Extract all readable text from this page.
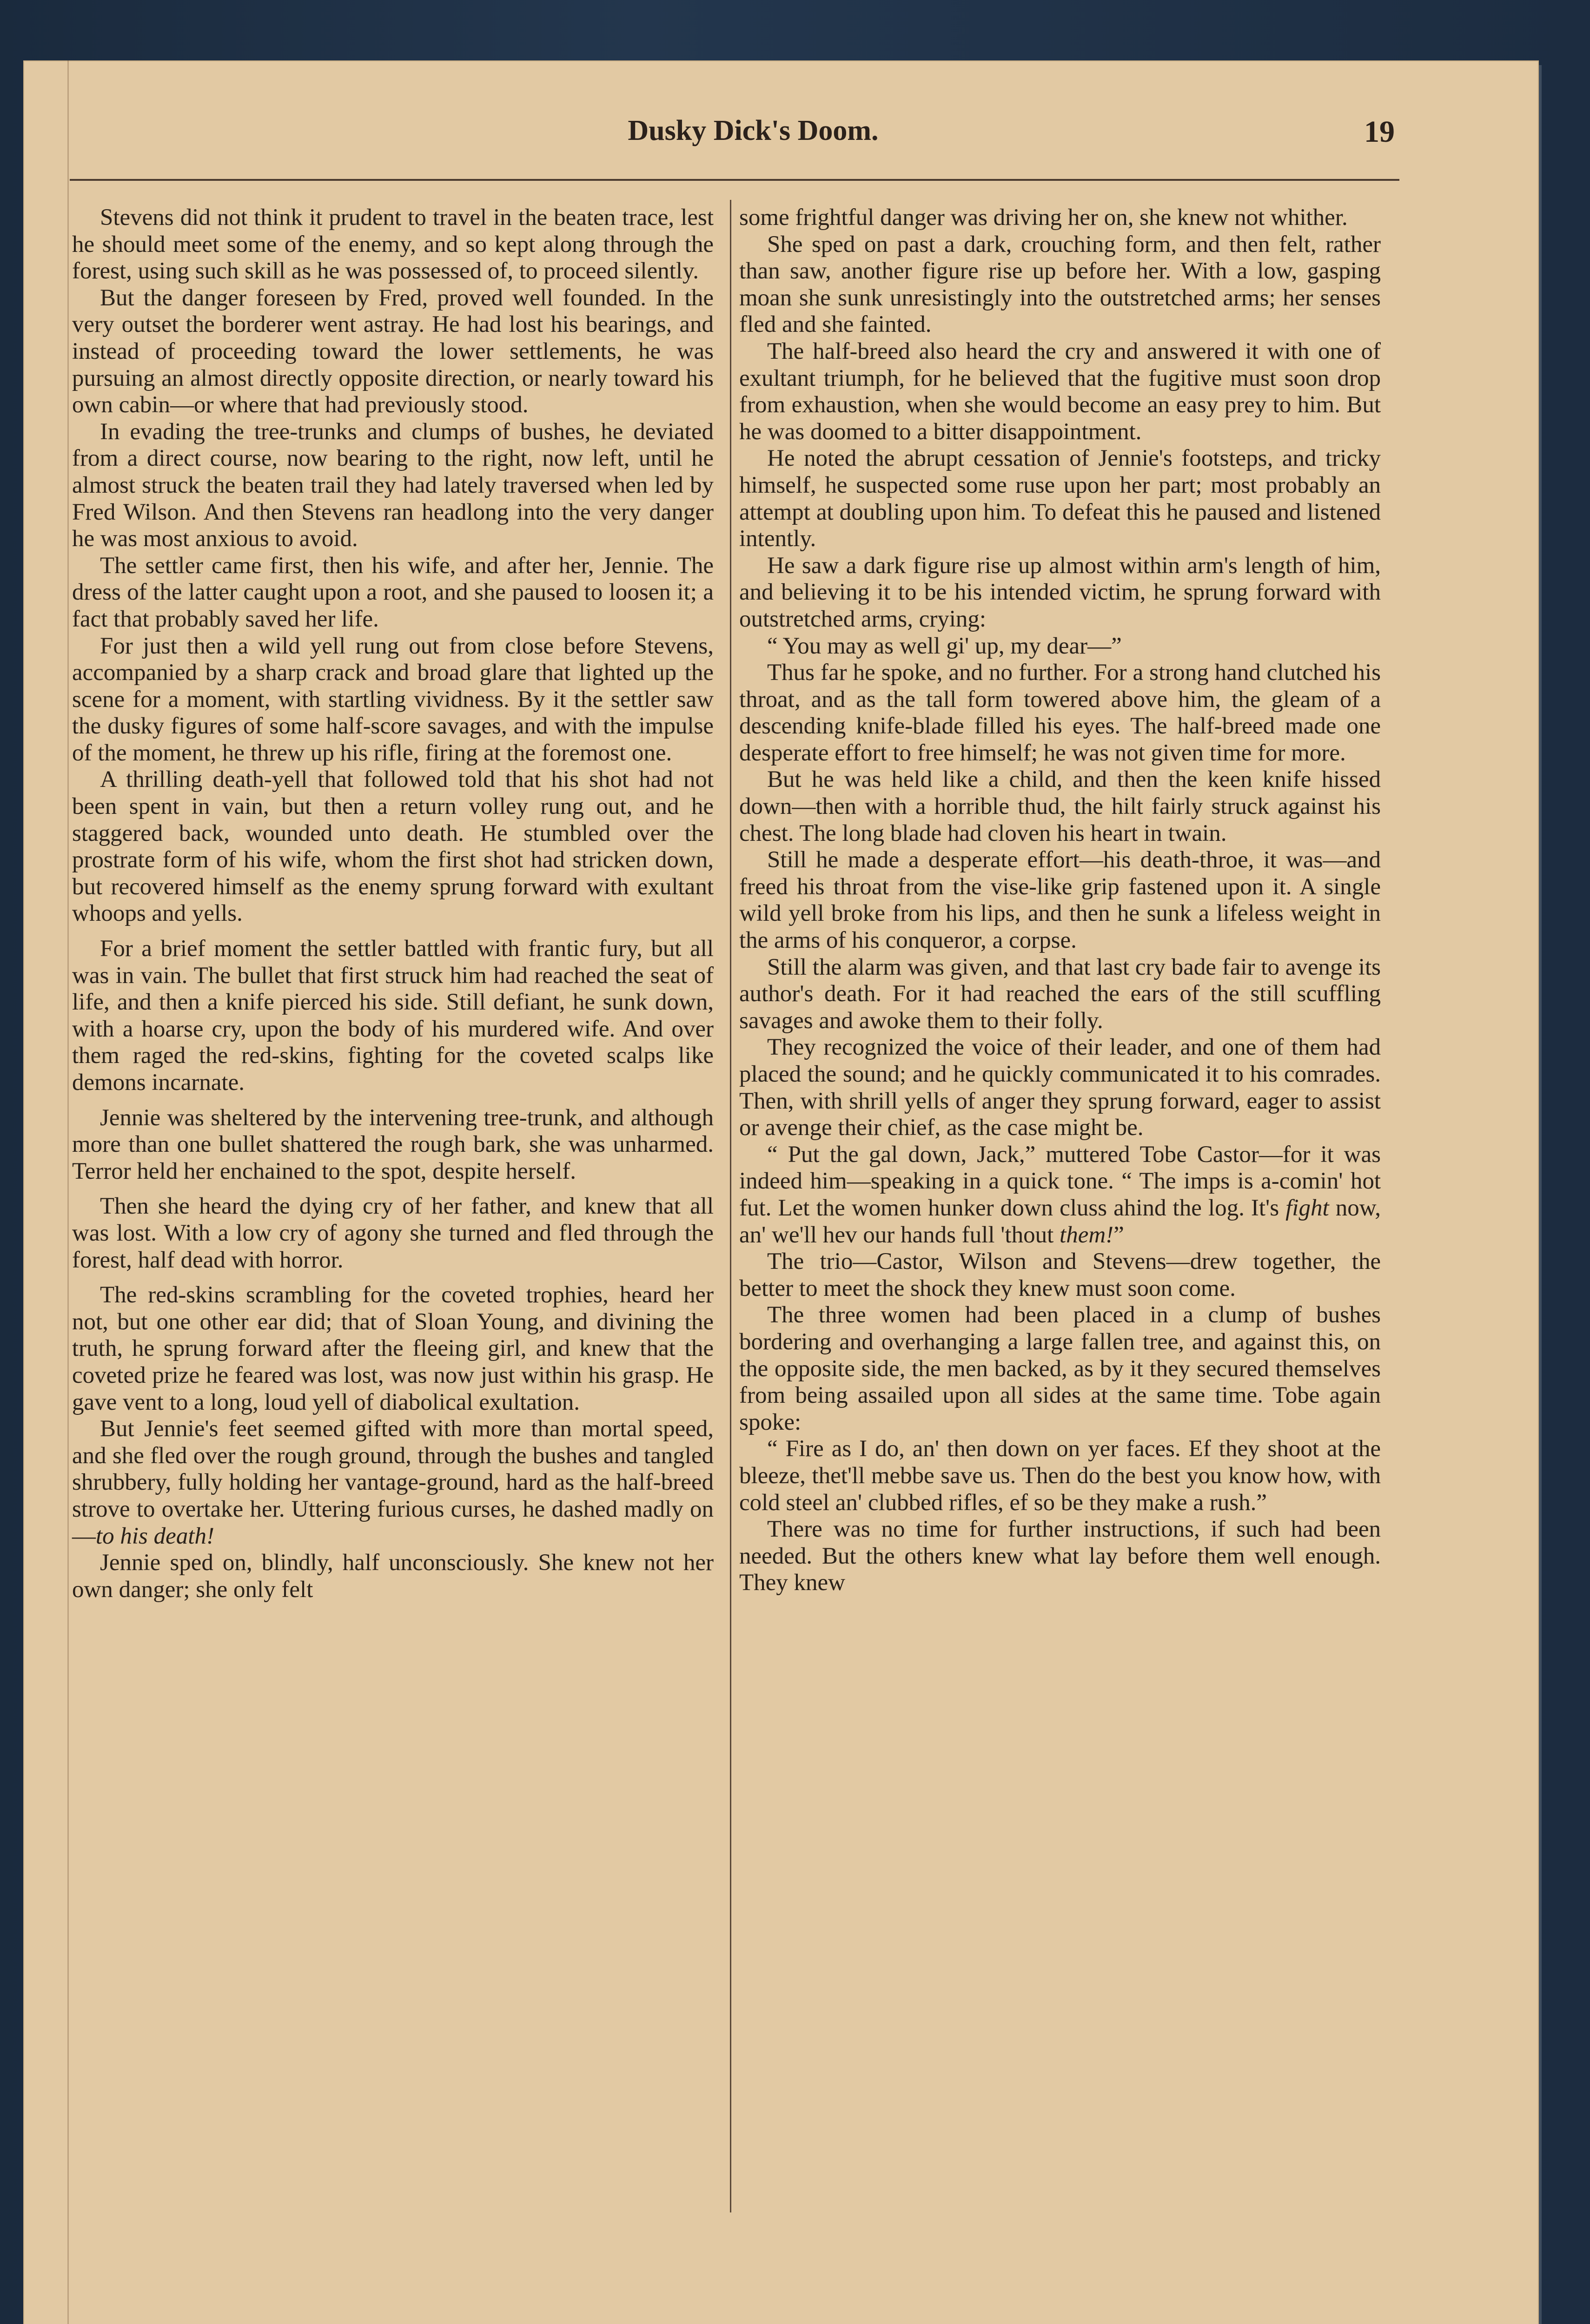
Dusky Dick's Doom.	19

Stevens did not think it prudent to travel in the beaten trace, lest he should meet some of the enemy, and so kept along through the forest, using such skill as he was possessed of, to proceed silently.

But the danger foreseen by Fred, proved well founded. In the very outset the borderer went astray. He had lost his bearings, and instead of proceeding toward the lower settlements, he was pursuing an almost directly opposite direction, or nearly toward his own cabin—or where that had previously stood.

In evading the tree-trunks and clumps of bushes, he deviated from a direct course, now bearing to the right, now left, until he almost struck the beaten trail they had lately traversed when led by Fred Wilson. And then Stevens ran headlong into the very danger he was most anxious to avoid.

The settler came first, then his wife, and after her, Jennie. The dress of the latter caught upon a root, and she paused to loosen it; a fact that probably saved her life.

For just then a wild yell rung out from close before Stevens, accompanied by a sharp crack and broad glare that lighted up the scene for a moment, with startling vividness. By it the settler saw the dusky figures of some half-score savages, and with the impulse of the moment, he threw up his rifle, firing at the foremost one.

A thrilling death-yell that followed told that his shot had not been spent in vain, but then a return volley rung out, and he staggered back, wounded unto death. He stumbled over the prostrate form of his wife, whom the first shot had stricken down, but recovered himself as the enemy sprung forward with exultant whoops and yells.

For a brief moment the settler battled with frantic fury, but all was in vain. The bullet that first struck him had reached the seat of life, and then a knife pierced his side. Still defiant, he sunk down, with a hoarse cry, upon the body of his murdered wife. And over them raged the red-skins, fighting for the coveted scalps like demons incarnate.

Jennie was sheltered by the intervening tree-trunk, and although more than one bullet shattered the rough bark, she was unharmed. Terror held her enchained to the spot, despite herself.

Then she heard the dying cry of her father, and knew that all was lost. With a low cry of agony she turned and fled through the forest, half dead with horror.

The red-skins scrambling for the coveted trophies, heard her not, but one other ear did; that of Sloan Young, and divining the truth, he sprung forward after the fleeing girl, and knew that the coveted prize he feared was lost, was now just within his grasp. He gave vent to a long, loud yell of diabolical exultation.

But Jennie's feet seemed gifted with more than mortal speed, and she fled over the rough ground, through the bushes and tangled shrubbery, fully holding her vantage-ground, hard as the half-breed strove to overtake her. Uttering furious curses, he dashed madly on—to his death!

Jennie sped on, blindly, half unconsciously. She knew not her own danger; she only felt

some frightful danger was driving her on, she knew not whither.

She sped on past a dark, crouching form, and then felt, rather than saw, another figure rise up before her. With a low, gasping moan she sunk unresistingly into the outstretched arms; her senses fled and she fainted.

The half-breed also heard the cry and answered it with one of exultant triumph, for he believed that the fugitive must soon drop from exhaustion, when she would become an easy prey to him. But he was doomed to a bitter disappointment.

He noted the abrupt cessation of Jennie's footsteps, and tricky himself, he suspected some ruse upon her part; most probably an attempt at doubling upon him. To defeat this he paused and listened intently.

He saw a dark figure rise up almost within arm's length of him, and believing it to be his intended victim, he sprung forward with outstretched arms, crying:

“ You may as well gi' up, my dear—”

Thus far he spoke, and no further. For a strong hand clutched his throat, and as the tall form towered above him, the gleam of a descending knife-blade filled his eyes. The half-breed made one desperate effort to free himself; he was not given time for more.

But he was held like a child, and then the keen knife hissed down—then with a horrible thud, the hilt fairly struck against his chest. The long blade had cloven his heart in twain.

Still he made a desperate effort—his death-throe, it was—and freed his throat from the vise-like grip fastened upon it. A single wild yell broke from his lips, and then he sunk a lifeless weight in the arms of his conqueror, a corpse.

Still the alarm was given, and that last cry bade fair to avenge its author's death. For it had reached the ears of the still scuffling savages and awoke them to their folly.

They recognized the voice of their leader, and one of them had placed the sound; and he quickly communicated it to his comrades. Then, with shrill yells of anger they sprung forward, eager to assist or avenge their chief, as the case might be.

“ Put the gal down, Jack,” muttered Tobe Castor—for it was indeed him—speaking in a quick tone. “ The imps is a-comin' hot fut. Let the women hunker down cluss ahind the log. It's fight now, an' we'll hev our hands full 'thout them!”

The trio—Castor, Wilson and Stevens—drew together, the better to meet the shock they knew must soon come.

The three women had been placed in a clump of bushes bordering and overhanging a large fallen tree, and against this, on the opposite side, the men backed, as by it they secured themselves from being assailed upon all sides at the same time. Tobe again spoke:

“ Fire as I do, an' then down on yer faces. Ef they shoot at the bleeze, thet'll mebbe save us. Then do the best you know how, with cold steel an' clubbed rifles, ef so be they make a rush.”

There was no time for further instructions, if such had been needed. But the others knew what lay before them well enough. They knew
